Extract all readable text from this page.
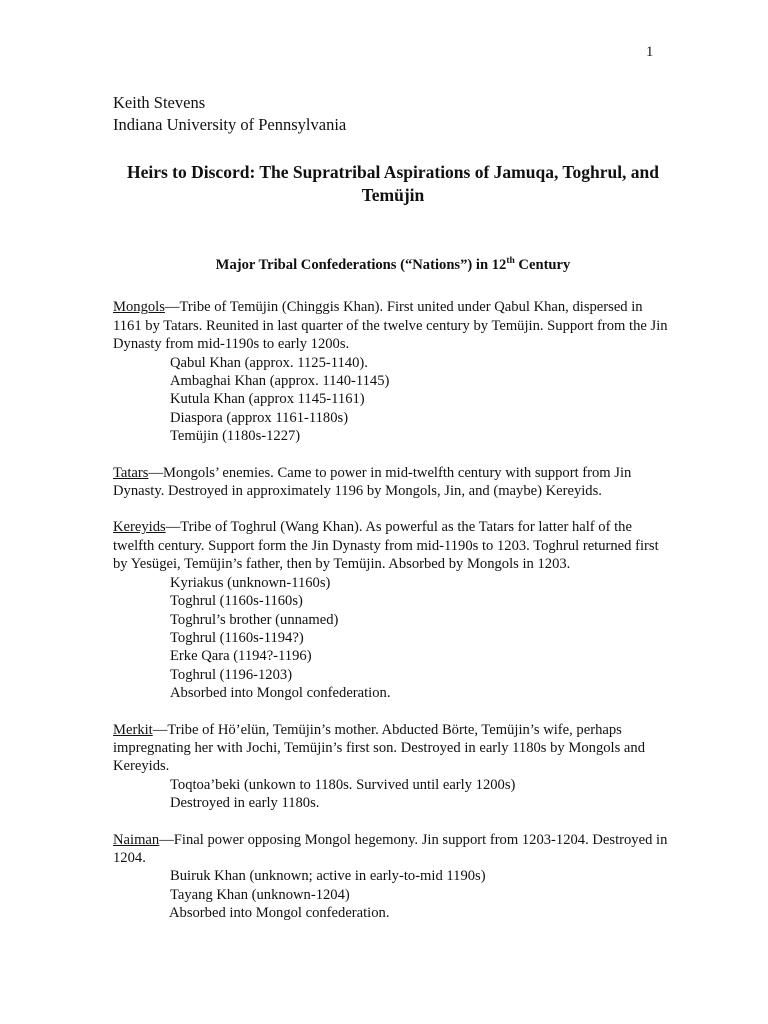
1
Keith Stevens
Indiana University of Pennsylvania
Heirs to Discord: The Supratribal Aspirations of Jamuqa, Toghrul, and Temüjin
Major Tribal Confederations (“Nations”) in 12th Century
Mongols—Tribe of Temüjin (Chinggis Khan). First united under Qabul Khan, dispersed in 1161 by Tatars. Reunited in last quarter of the twelve century by Temüjin. Support from the Jin Dynasty from mid-1190s to early 1200s.
Qabul Khan (approx. 1125-1140).
Ambaghai Khan (approx. 1140-1145)
Kutula Khan (approx 1145-1161)
Diaspora (approx 1161-1180s)
Temüjin (1180s-1227)
Tatars—Mongols’ enemies. Came to power in mid-twelfth century with support from Jin Dynasty. Destroyed in approximately 1196 by Mongols, Jin, and (maybe) Kereyids.
Kereyids—Tribe of Toghrul (Wang Khan). As powerful as the Tatars for latter half of the twelfth century. Support form the Jin Dynasty from mid-1190s to 1203. Toghrul returned first by Yesügei, Temüjin’s father, then by Temüjin. Absorbed by Mongols in 1203.
Kyriakus (unknown-1160s)
Toghrul (1160s-1160s)
Toghrul’s brother (unnamed)
Toghrul (1160s-1194?)
Erke Qara (1194?-1196)
Toghrul (1196-1203)
Absorbed into Mongol confederation.
Merkit—Tribe of Hö’elün, Temüjin’s mother. Abducted Börte, Temüjin’s wife, perhaps impregnating her with Jochi, Temüjin’s first son. Destroyed in early 1180s by Mongols and Kereyids.
Toqtoa’beki (unkown to 1180s. Survived until early 1200s)
Destroyed in early 1180s.
Naiman—Final power opposing Mongol hegemony. Jin support from 1203-1204. Destroyed in 1204.
Buiruk Khan (unknown; active in early-to-mid 1190s)
Tayang Khan (unknown-1204)
Absorbed into Mongol confederation.
